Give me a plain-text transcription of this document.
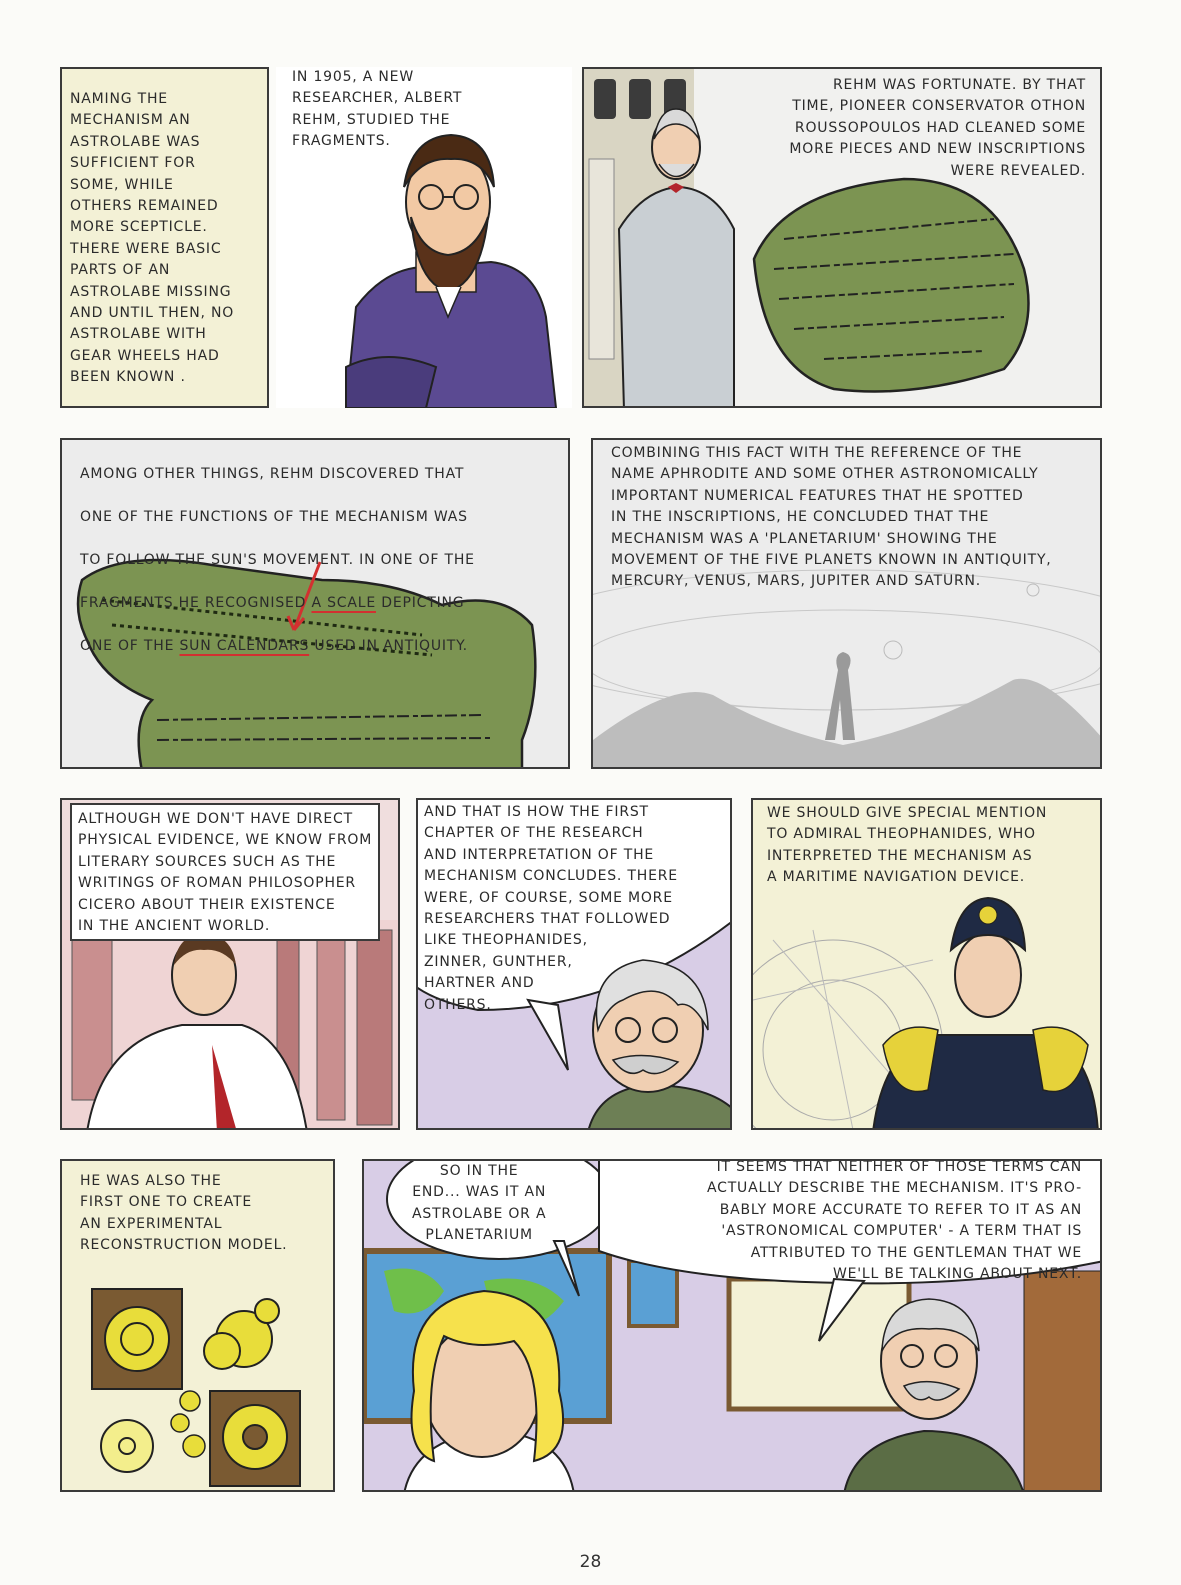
NAMING THE
MECHANISM AN
ASTROLABE WAS
SUFFICIENT FOR
SOME, WHILE
OTHERS REMAINED
MORE SCEPTICLE.
THERE WERE BASIC
PARTS OF AN
ASTROLABE MISSING
AND UNTIL THEN, NO
ASTROLABE WITH
GEAR WHEELS HAD
BEEN KNOWN .

IN 1905, A NEW
RESEARCHER, ALBERT
REHM, STUDIED THE
FRAGMENTS.

REHM WAS FORTUNATE. BY THAT
TIME, PIONEER CONSERVATOR OTHON
ROUSSOPOULOS HAD CLEANED SOME
MORE PIECES AND NEW INSCRIPTIONS
WERE REVEALED.

AMONG OTHER THINGS, REHM DISCOVERED THAT

ONE OF THE FUNCTIONS OF THE MECHANISM WAS

TO FOLLOW THE SUN'S MOVEMENT. IN ONE OF THE

FRAGMENTS HE RECOGNISED A SCALE DEPICTING

ONE OF THE SUN CALENDARS USED IN ANTIQUITY.

COMBINING THIS FACT WITH THE REFERENCE OF THE
NAME APHRODITE AND SOME OTHER ASTRONOMICALLY
IMPORTANT NUMERICAL FEATURES THAT HE SPOTTED
IN THE INSCRIPTIONS, HE CONCLUDED THAT THE
MECHANISM WAS A 'PLANETARIUM' SHOWING THE
MOVEMENT OF THE FIVE PLANETS KNOWN IN ANTIQUITY,
MERCURY, VENUS, MARS, JUPITER AND SATURN.

ALTHOUGH WE DON'T HAVE DIRECT
PHYSICAL EVIDENCE, WE KNOW FROM
LITERARY SOURCES SUCH AS THE
WRITINGS OF ROMAN PHILOSOPHER
CICERO ABOUT THEIR EXISTENCE
IN THE ANCIENT WORLD.

AND THAT IS HOW THE FIRST
CHAPTER OF THE RESEARCH
AND INTERPRETATION OF THE
MECHANISM CONCLUDES. THERE
WERE, OF COURSE, SOME MORE
RESEARCHERS THAT FOLLOWED
LIKE THEOPHANIDES,
ZINNER, GUNTHER,
HARTNER AND
OTHERS.

WE SHOULD GIVE SPECIAL MENTION
TO ADMIRAL THEOPHANIDES, WHO
INTERPRETED THE MECHANISM AS
A MARITIME NAVIGATION DEVICE.

HE WAS ALSO THE
FIRST ONE TO CREATE
AN EXPERIMENTAL
RECONSTRUCTION MODEL.

SO IN THE
END... WAS IT AN
ASTROLABE OR A
PLANETARIUM

IT SEEMS THAT NEITHER OF THOSE TERMS CAN
ACTUALLY DESCRIBE THE MECHANISM. IT'S PRO-
BABLY MORE ACCURATE TO REFER TO IT AS AN
'ASTRONOMICAL COMPUTER' - A TERM THAT IS
ATTRIBUTED TO THE GENTLEMAN THAT WE
WE'LL BE TALKING ABOUT NEXT.

28
